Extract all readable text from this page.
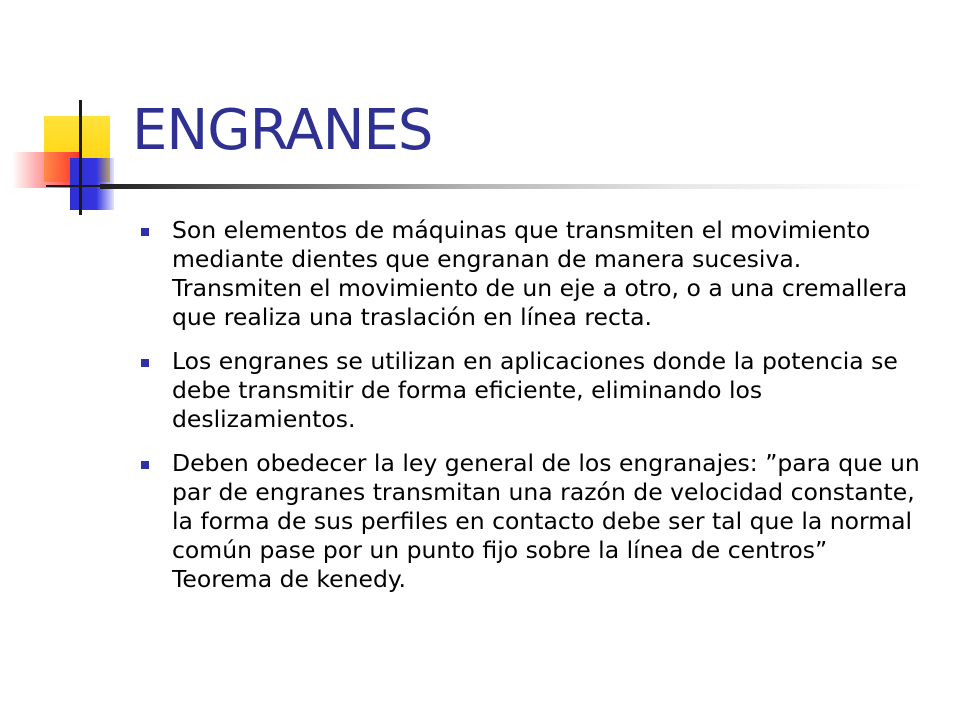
ENGRANES
Son elementos de máquinas que transmiten el movimiento mediante dientes que engranan de manera sucesiva. Transmiten el movimiento de un eje a otro, o a una cremallera que realiza una traslación en línea recta.
Los engranes se utilizan en aplicaciones donde la potencia se debe transmitir de forma eficiente, eliminando los deslizamientos.
Deben obedecer la ley general de los engranajes: ”para que un par de engranes transmitan una razón de velocidad constante, la forma de sus perfiles en contacto debe ser tal que la normal común pase por un punto fijo sobre la línea de centros” Teorema de kenedy.
